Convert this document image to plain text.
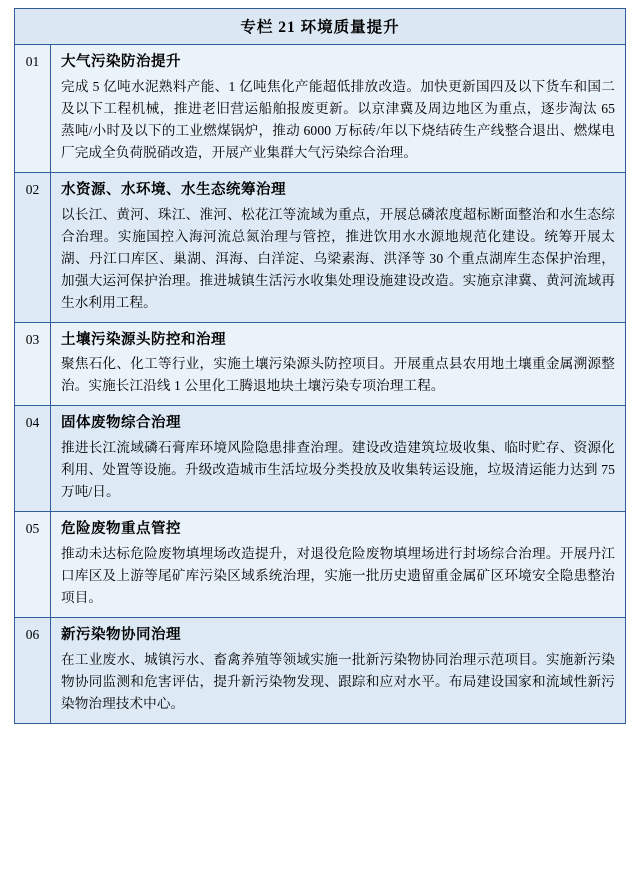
专栏 21 环境质量提升
01	大气污染防治提升
完成 5 亿吨水泥熟料产能、1 亿吨焦化产能超低排放改造。加快更新国四及以下货车和国二及以下工程机械，推进老旧营运船舶报废更新。以京津冀及周边地区为重点，逐步淘汰 65 蒸吨/小时及以下的工业燃煤锅炉，推动 6000 万标砖/年以下烧结砖生产线整合退出、燃煤电厂完成全负荷脱硝改造，开展产业集群大气污染综合治理。
02	水资源、水环境、水生态统筹治理
以长江、黄河、珠江、淮河、松花江等流域为重点，开展总磷浓度超标断面整治和水生态综合治理。实施国控入海河流总氮治理与管控，推进饮用水水源地规范化建设。统筹开展太湖、丹江口库区、巢湖、洱海、白洋淀、乌梁素海、洪泽等 30 个重点湖库生态保护治理，加强大运河保护治理。推进城镇生活污水收集处理设施建设改造。实施京津冀、黄河流域再生水利用工程。
03	土壤污染源头防控和治理
聚焦石化、化工等行业，实施土壤污染源头防控项目。开展重点县农用地土壤重金属溯源整治。实施长江沿线 1 公里化工腾退地块土壤污染专项治理工程。
04	固体废物综合治理
推进长江流域磷石膏库环境风险隐患排查治理。建设改造建筑垃圾收集、临时贮存、资源化利用、处置等设施。升级改造城市生活垃圾分类投放及收集转运设施，垃圾清运能力达到 75 万吨/日。
05	危险废物重点管控
推动未达标危险废物填埋场改造提升，对退役危险废物填埋场进行封场综合治理。开展丹江口库区及上游等尾矿库污染区域系统治理，实施一批历史遗留重金属矿区环境安全隐患整治项目。
06	新污染物协同治理
在工业废水、城镇污水、畜禽养殖等领域实施一批新污染物协同治理示范项目。实施新污染物协同监测和危害评估，提升新污染物发现、跟踪和应对水平。布局建设国家和流域性新污染物治理技术中心。
